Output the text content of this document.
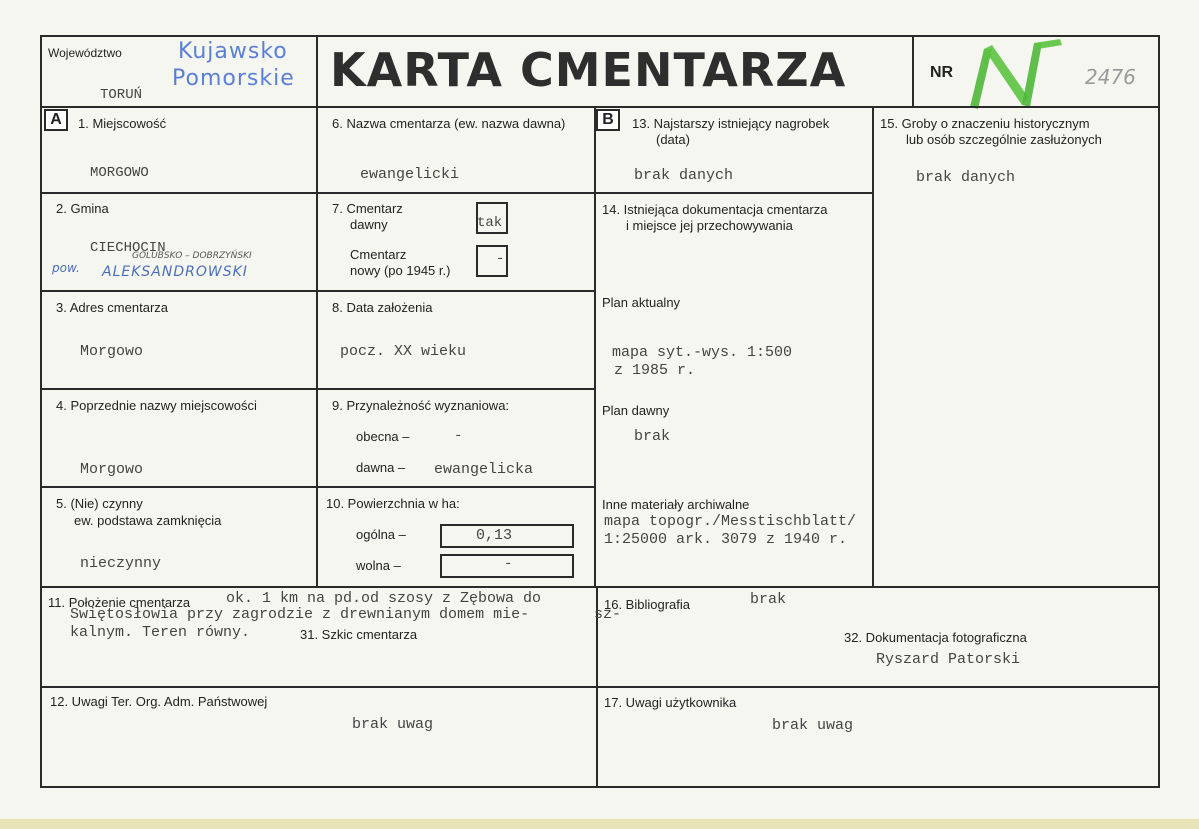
Województwo	Kujawsko
Pomorskie
TORUŃ	KARTA CMENTARZA	NR	2476
A	1. Miejscowość
MORGOWO
6. Nazwa cmentarza (ew. nazwa dawna)
ewangelicki
2. Gmina
CIECHOCIN
pow.
GOLUBSKO – DOBRZYŃSKI
ALEKSANDROWSKI
7. Cmentarz
dawny	tak
Cmentarz
nowy (po 1945 r.)
-
3. Adres cmentarza
Morgowo
8. Data założenia
pocz. XX wieku
4. Poprzednie nazwy miejscowości
Morgowo
9. Przynależność wyznaniowa:
obecna –	-
dawna – ewangelicka
5. (Nie) czynny
ew. podstawa zamknięcia
nieczynny
10. Powierzchnia w ha:
ogólna –	0,13
wolna –	-
B	13. Najstarszy istniejący nagrobek
(data)
brak danych
14. Istniejąca dokumentacja cmentarza
i miejsce jej przechowywania
Plan aktualny
mapa syt.-wys. 1:500
z 1985 r.
Plan dawny
brak
Inne materiały archiwalne
mapa topogr./Messtischblatt/
1:25000 ark. 3079 z 1940 r.
15. Groby o znaczeniu historycznym
lub osób szczególnie zasłużonych
brak danych
11. Położenie cmentarza ok. 1 km na pd.od szosy z Zębowa do
Swiętosłowia przy zagrodzie z drewnianym domem mie-	sz-
kalnym. Teren równy.	31. Szkic cmentarza
16. Bibliografia	brak
32. Dokumentacja fotograficzna
Ryszard Patorski
12. Uwagi Ter. Org. Adm. Państwowej
brak uwag
17. Uwagi użytkownika
brak uwag
